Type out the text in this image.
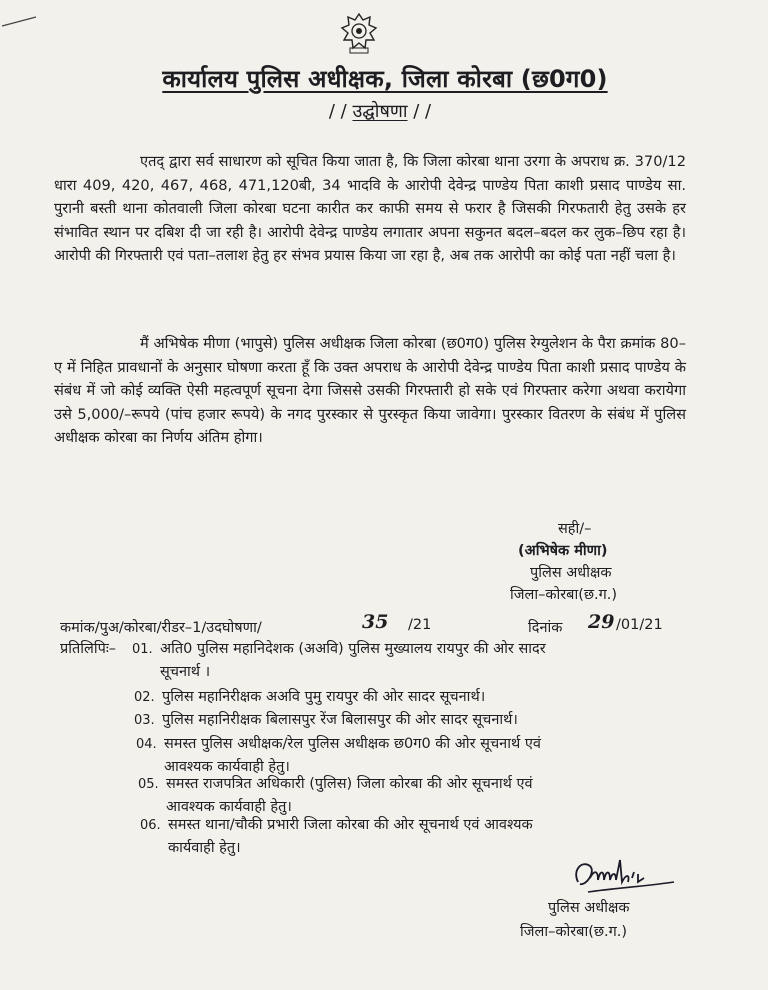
कार्यालय पुलिस अधीक्षक, जिला कोरबा (छ0ग0)
/ / उद्घोषणा / /
एतद् द्वारा सर्व साधारण को सूचित किया जाता है, कि जिला कोरबा थाना उरगा के अपराध क्र. 370/12 धारा 409, 420, 467, 468, 471,120बी, 34 भादवि के आरोपी देवेन्द्र पाण्डेय पिता काशी प्रसाद पाण्डेय सा. पुरानी बस्ती थाना कोतवाली जिला कोरबा घटना कारीत कर काफी समय से फरार है जिसकी गिरफतारी हेतु उसके हर संभावित स्थान पर दबिश दी जा रही है। आरोपी देवेन्द्र पाण्डेय लगातार अपना सकुनत बदल–बदल कर लुक–छिप रहा है। आरोपी की गिरफ्तारी एवं पता–तलाश हेतु हर संभव प्रयास किया जा रहा है, अब तक आरोपी का कोई पता नहीं चला है।
मैं अभिषेक मीणा (भापुसे) पुलिस अधीक्षक जिला कोरबा (छ0ग0) पुलिस रेग्युलेशन के पैरा क्रमांक 80–ए में निहित प्रावधानों के अनुसार घोषणा करता हूँ कि उक्त अपराध के आरोपी देवेन्द्र पाण्डेय पिता काशी प्रसाद पाण्डेय के संबंध में जो कोई व्यक्ति ऐसी महत्वपूर्ण सूचना देगा जिससे उसकी गिरफ्तारी हो सके एवं गिरफ्तार करेगा अथवा करायेगा उसे 5,000/–रूपये (पांच हजार रूपये) के नगद पुरस्कार से पुरस्कृत किया जावेगा। पुरस्कार वितरण के संबंध में पुलिस अधीक्षक कोरबा का निर्णय अंतिम होगा।
सही/–
(अभिषेक मीणा)
पुलिस अधीक्षक
जिला–कोरबा(छ.ग.)
कमांक/पुअ/कोरबा/रीडर–1/उदघोषणा/	35 /21	दिनांक 29 /01/21
प्रतिलिपिः– 01. अति0 पुलिस महानिदेशक (अअवि) पुलिस मुख्यालय रायपुर की ओर सादर
सूचनार्थ ।
02. पुलिस महानिरीक्षक अअवि पुमु रायपुर की ओर सादर सूचनार्थ।
03. पुलिस महानिरीक्षक बिलासपुर रेंज बिलासपुर की ओर सादर सूचनार्थ।
04. समस्त पुलिस अधीक्षक/रेल पुलिस अधीक्षक छ0ग0 की ओर सूचनार्थ एवं
आवश्यक कार्यवाही हेतु।
05. समस्त राजपत्रित अधिकारी (पुलिस) जिला कोरबा की ओर सूचनार्थ एवं
आवश्यक कार्यवाही हेतु।
06. समस्त थाना/चौकी प्रभारी जिला कोरबा की ओर सूचनार्थ एवं आवश्यक
कार्यवाही हेतु।
पुलिस अधीक्षक
जिला–कोरबा(छ.ग.)
